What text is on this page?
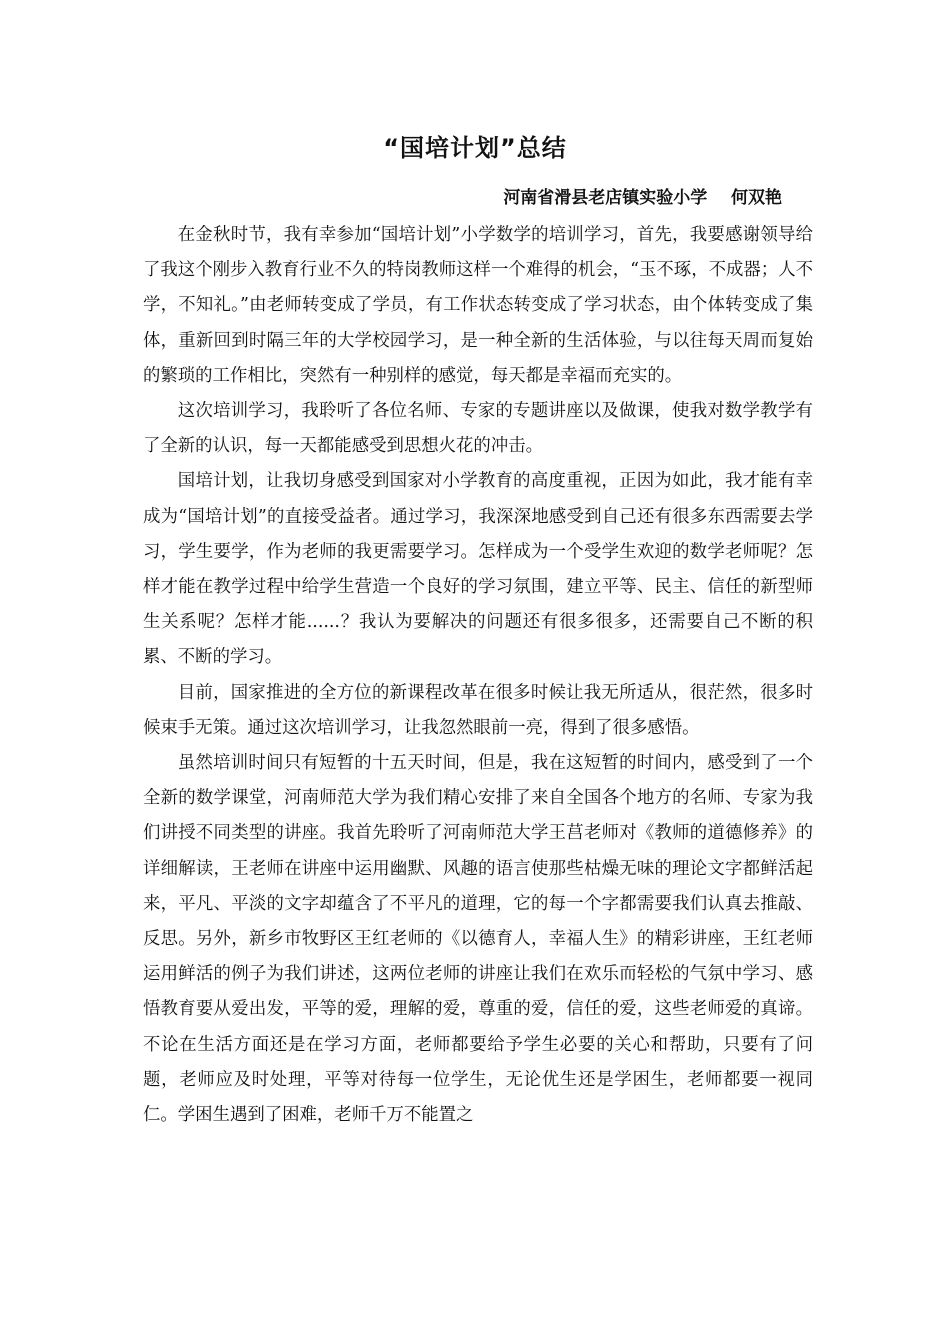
“国培计划”总结
河南省滑县老店镇实验小学    何双艳

在金秋时节，我有幸参加“国培计划”小学数学的培训学习，首先，我要感谢领导给了我这个刚步入教育行业不久的特岗教师这样一个难得的机会，“玉不琢，不成器；人不学，不知礼。”由老师转变成了学员，有工作状态转变成了学习状态，由个体转变成了集体，重新回到时隔三年的大学校园学习，是一种全新的生活体验，与以往每天周而复始的繁琐的工作相比，突然有一种别样的感觉，每天都是幸福而充实的。

这次培训学习，我聆听了各位名师、专家的专题讲座以及做课，使我对数学教学有了全新的认识，每一天都能感受到思想火花的冲击。

国培计划，让我切身感受到国家对小学教育的高度重视，正因为如此，我才能有幸成为“国培计划”的直接受益者。通过学习，我深深地感受到自己还有很多东西需要去学习，学生要学，作为老师的我更需要学习。怎样成为一个受学生欢迎的数学老师呢？怎样才能在教学过程中给学生营造一个良好的学习氛围，建立平等、民主、信任的新型师生关系呢？怎样才能......？我认为要解决的问题还有很多很多，还需要自己不断的积累、不断的学习。

目前，国家推进的全方位的新课程改革在很多时候让我无所适从，很茫然，很多时候束手无策。通过这次培训学习，让我忽然眼前一亮，得到了很多感悟。

虽然培训时间只有短暂的十五天时间，但是，我在这短暂的时间内，感受到了一个全新的数学课堂，河南师范大学为我们精心安排了来自全国各个地方的名师、专家为我们讲授不同类型的讲座。我首先聆听了河南师范大学王莒老师对《教师的道德修养》的详细解读，王老师在讲座中运用幽默、风趣的语言使那些枯燥无味的理论文字都鲜活起来，平凡、平淡的文字却蕴含了不平凡的道理，它的每一个字都需要我们认真去推敲、反思。另外，新乡市牧野区王红老师的《以德育人，幸福人生》的精彩讲座，王红老师运用鲜活的例子为我们讲述，这两位老师的讲座让我们在欢乐而轻松的气氛中学习、感悟教育要从爱出发，平等的爱，理解的爱，尊重的爱，信任的爱，这些老师爱的真谛。不论在生活方面还是在学习方面，老师都要给予学生必要的关心和帮助，只要有了问题，老师应及时处理，平等对待每一位学生，无论优生还是学困生，老师都要一视同仁。学困生遇到了困难，老师千万不能置之
